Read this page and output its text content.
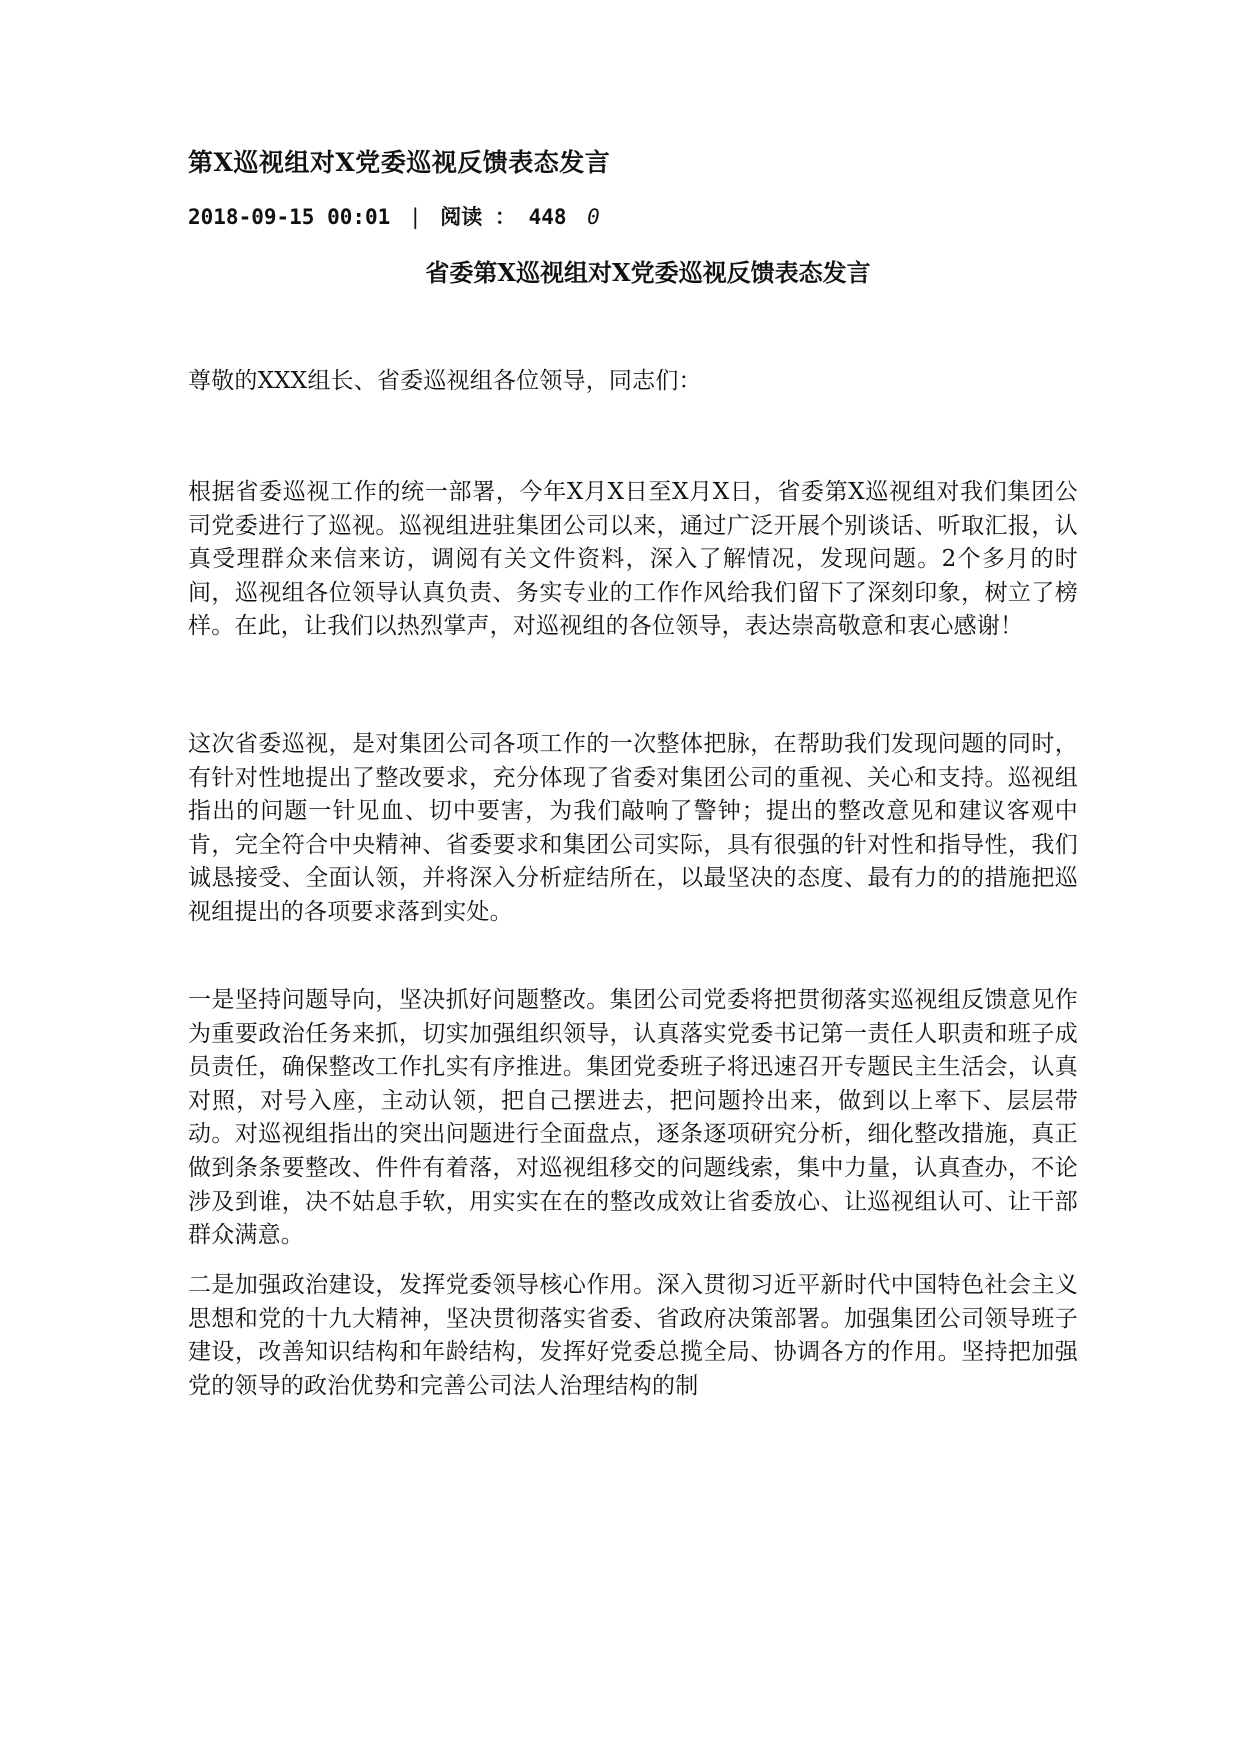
第X巡视组对X党委巡视反馈表态发言
2018-09-15 00:01 | 阅读 ： 448 0
省委第X巡视组对X党委巡视反馈表态发言
尊敬的XXX组长、省委巡视组各位领导，同志们：
根据省委巡视工作的统一部署，今年X月X日至X月X日，省委第X巡视组对我们集团公司党委进行了巡视。巡视组进驻集团公司以来，通过广泛开展个别谈话、听取汇报，认真受理群众来信来访，调阅有关文件资料，深入了解情况，发现问题。2个多月的时间，巡视组各位领导认真负责、务实专业的工作作风给我们留下了深刻印象，树立了榜样。在此，让我们以热烈掌声，对巡视组的各位领导，表达崇高敬意和衷心感谢！
这次省委巡视，是对集团公司各项工作的一次整体把脉，在帮助我们发现问题的同时，有针对性地提出了整改要求，充分体现了省委对集团公司的重视、关心和支持。巡视组指出的问题一针见血、切中要害，为我们敲响了警钟；提出的整改意见和建议客观中肯，完全符合中央精神、省委要求和集团公司实际，具有很强的针对性和指导性，我们诚恳接受、全面认领，并将深入分析症结所在，以最坚决的态度、最有力的的措施把巡视组提出的各项要求落到实处。
一是坚持问题导向，坚决抓好问题整改。集团公司党委将把贯彻落实巡视组反馈意见作为重要政治任务来抓，切实加强组织领导，认真落实党委书记第一责任人职责和班子成员责任，确保整改工作扎实有序推进。集团党委班子将迅速召开专题民主生活会，认真对照，对号入座，主动认领，把自己摆进去，把问题拎出来，做到以上率下、层层带动。对巡视组指出的突出问题进行全面盘点，逐条逐项研究分析，细化整改措施，真正做到条条要整改、件件有着落，对巡视组移交的问题线索，集中力量，认真查办，不论涉及到谁，决不姑息手软，用实实在在的整改成效让省委放心、让巡视组认可、让干部群众满意。
二是加强政治建设，发挥党委领导核心作用。深入贯彻习近平新时代中国特色社会主义思想和党的十九大精神，坚决贯彻落实省委、省政府决策部署。加强集团公司领导班子建设，改善知识结构和年龄结构，发挥好党委总揽全局、协调各方的作用。坚持把加强党的领导的政治优势和完善公司法人治理结构的制
